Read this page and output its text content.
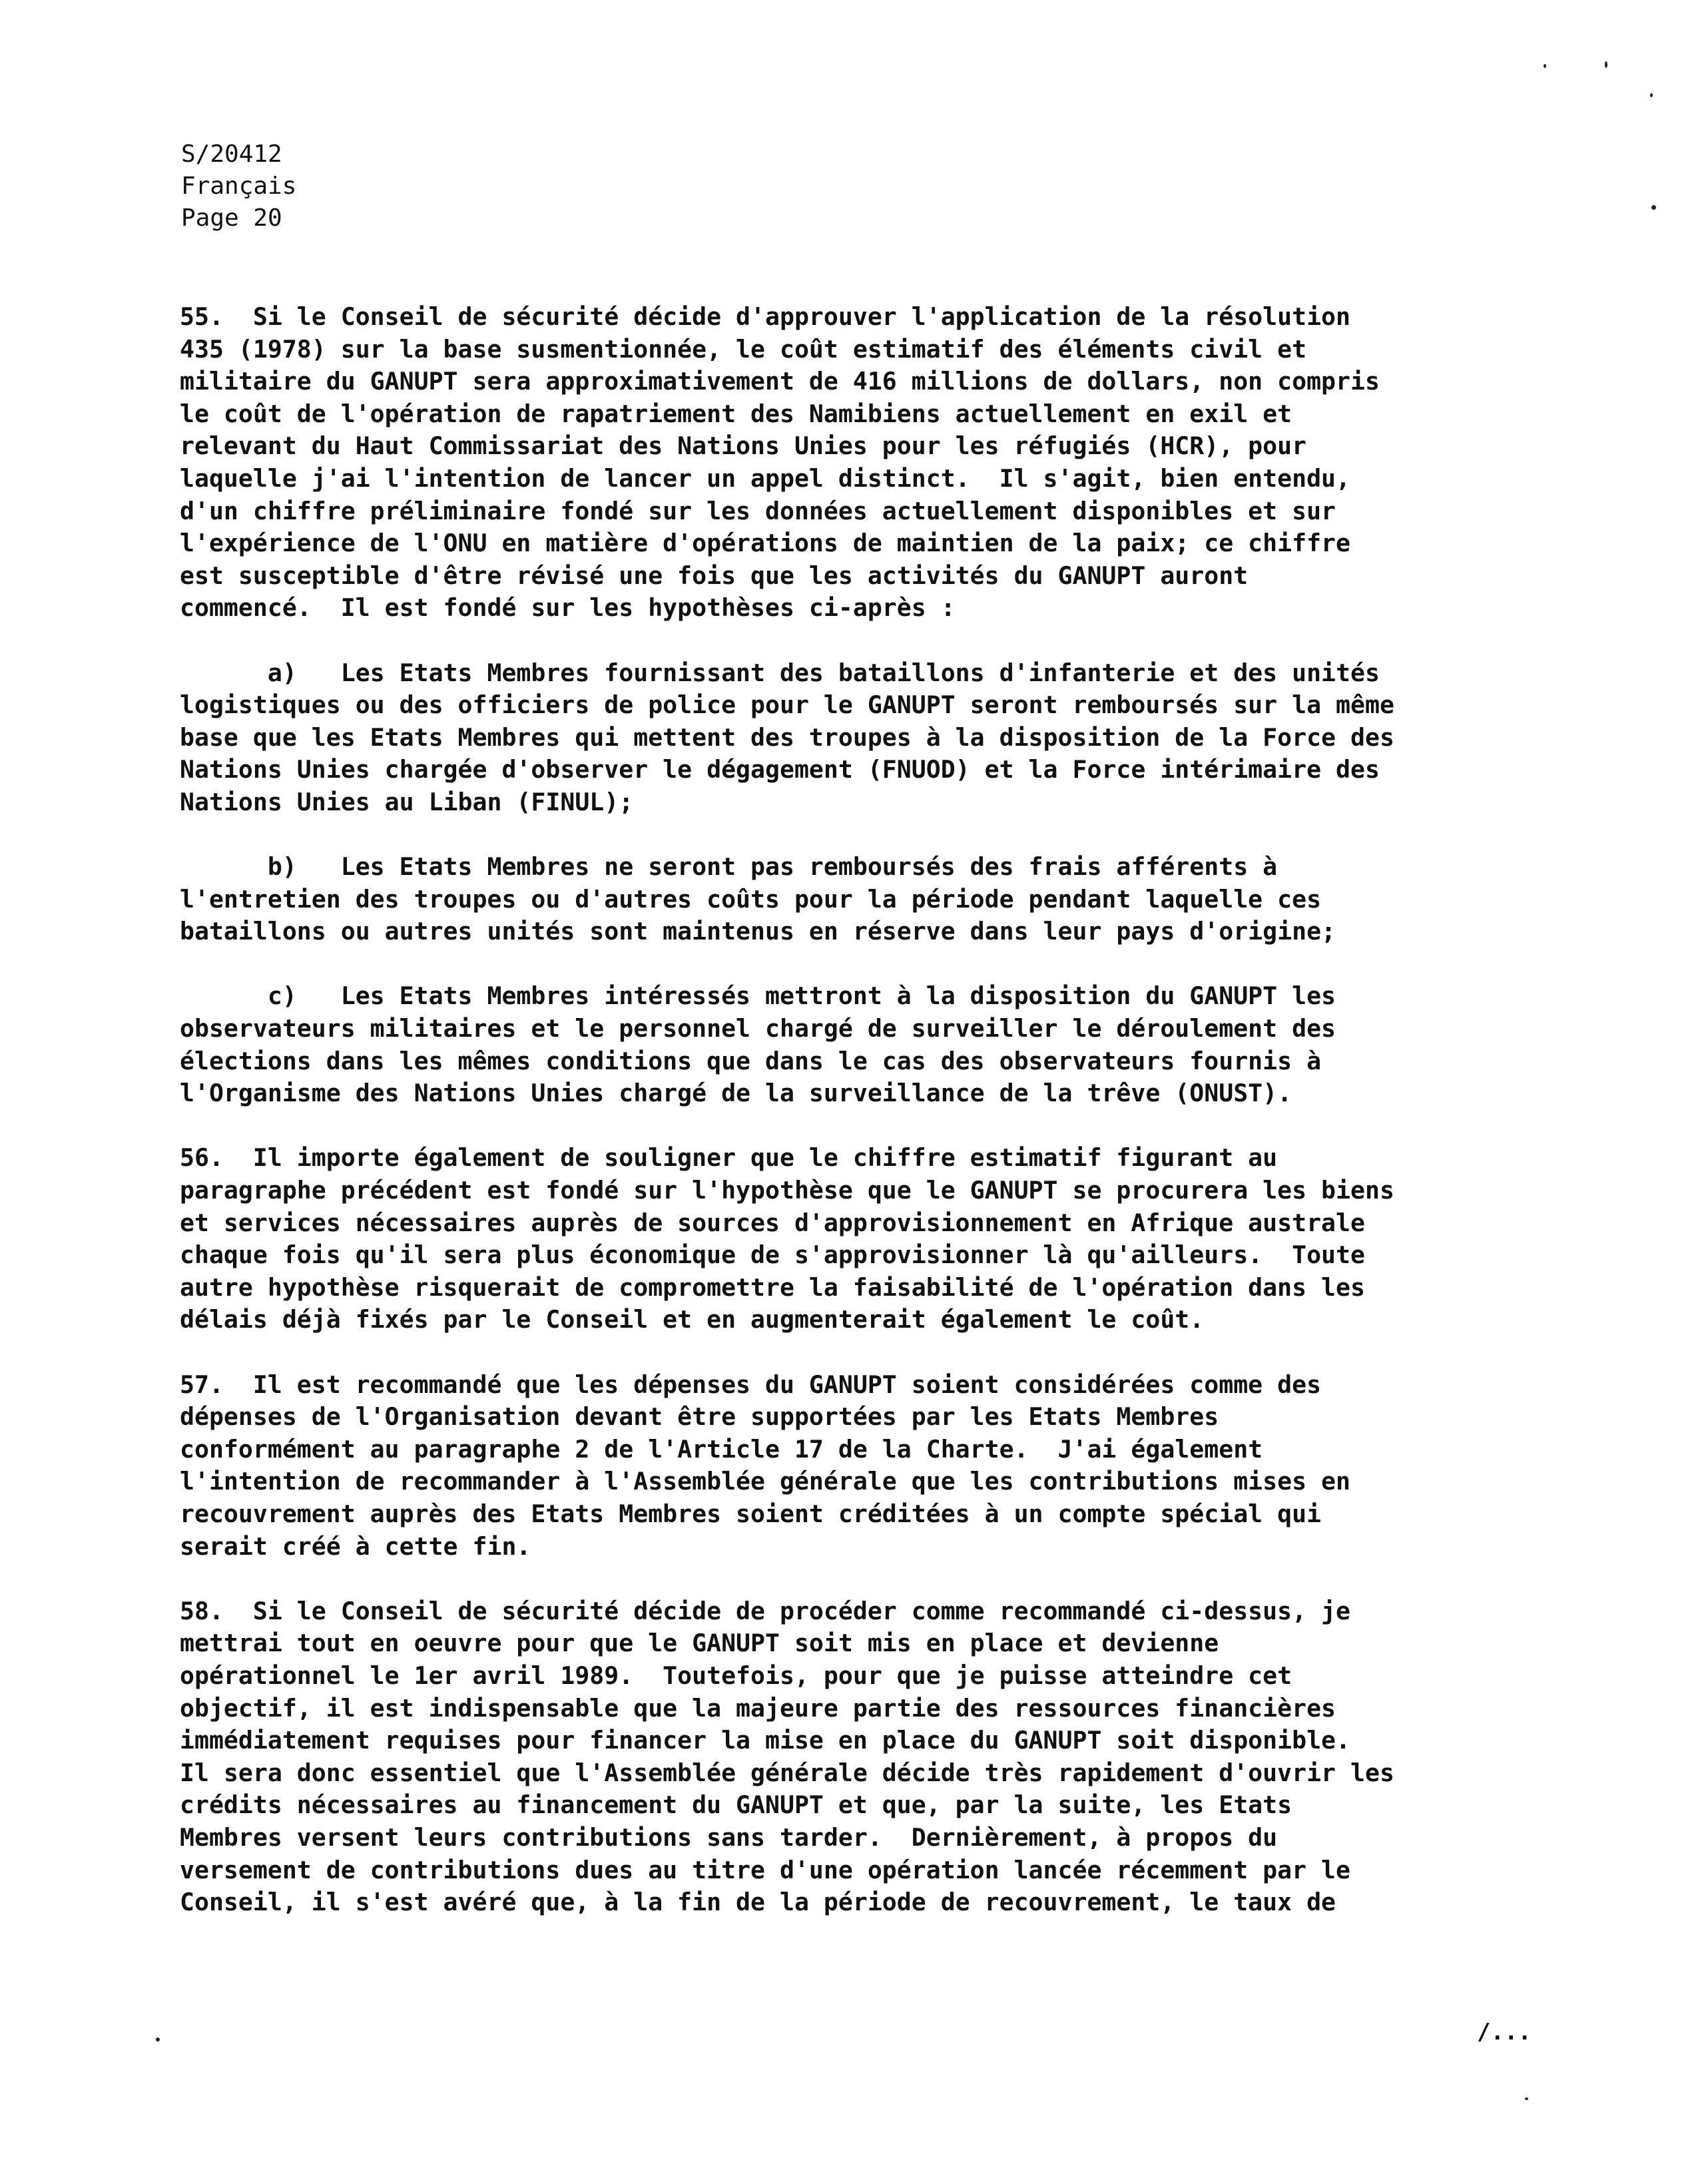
S/20412
Français
Page 20
55.  Si le Conseil de sécurité décide d'approuver l'application de la résolution
435 (1978) sur la base susmentionnée, le coût estimatif des éléments civil et
militaire du GANUPT sera approximativement de 416 millions de dollars, non compris
le coût de l'opération de rapatriement des Namibiens actuellement en exil et
relevant du Haut Commissariat des Nations Unies pour les réfugiés (HCR), pour
laquelle j'ai l'intention de lancer un appel distinct.  Il s'agit, bien entendu,
d'un chiffre préliminaire fondé sur les données actuellement disponibles et sur
l'expérience de l'ONU en matière d'opérations de maintien de la paix; ce chiffre
est susceptible d'être révisé une fois que les activités du GANUPT auront
commencé.  Il est fondé sur les hypothèses ci-après :
a)   Les Etats Membres fournissant des bataillons d'infanterie et des unités
logistiques ou des officiers de police pour le GANUPT seront remboursés sur la même
base que les Etats Membres qui mettent des troupes à la disposition de la Force des
Nations Unies chargée d'observer le dégagement (FNUOD) et la Force intérimaire des
Nations Unies au Liban (FINUL);
b)   Les Etats Membres ne seront pas remboursés des frais afférents à
l'entretien des troupes ou d'autres coûts pour la période pendant laquelle ces
bataillons ou autres unités sont maintenus en réserve dans leur pays d'origine;
c)   Les Etats Membres intéressés mettront à la disposition du GANUPT les
observateurs militaires et le personnel chargé de surveiller le déroulement des
élections dans les mêmes conditions que dans le cas des observateurs fournis à
l'Organisme des Nations Unies chargé de la surveillance de la trêve (ONUST).
56.  Il importe également de souligner que le chiffre estimatif figurant au
paragraphe précédent est fondé sur l'hypothèse que le GANUPT se procurera les biens
et services nécessaires auprès de sources d'approvisionnement en Afrique australe
chaque fois qu'il sera plus économique de s'approvisionner là qu'ailleurs.  Toute
autre hypothèse risquerait de compromettre la faisabilité de l'opération dans les
délais déjà fixés par le Conseil et en augmenterait également le coût.
57.  Il est recommandé que les dépenses du GANUPT soient considérées comme des
dépenses de l'Organisation devant être supportées par les Etats Membres
conformément au paragraphe 2 de l'Article 17 de la Charte.  J'ai également
l'intention de recommander à l'Assemblée générale que les contributions mises en
recouvrement auprès des Etats Membres soient créditées à un compte spécial qui
serait créé à cette fin.
58.  Si le Conseil de sécurité décide de procéder comme recommandé ci-dessus, je
mettrai tout en oeuvre pour que le GANUPT soit mis en place et devienne
opérationnel le 1er avril 1989.  Toutefois, pour que je puisse atteindre cet
objectif, il est indispensable que la majeure partie des ressources financières
immédiatement requises pour financer la mise en place du GANUPT soit disponible.
Il sera donc essentiel que l'Assemblée générale décide très rapidement d'ouvrir les
crédits nécessaires au financement du GANUPT et que, par la suite, les Etats
Membres versent leurs contributions sans tarder.  Dernièrement, à propos du
versement de contributions dues au titre d'une opération lancée récemment par le
Conseil, il s'est avéré que, à la fin de la période de recouvrement, le taux de
/...
